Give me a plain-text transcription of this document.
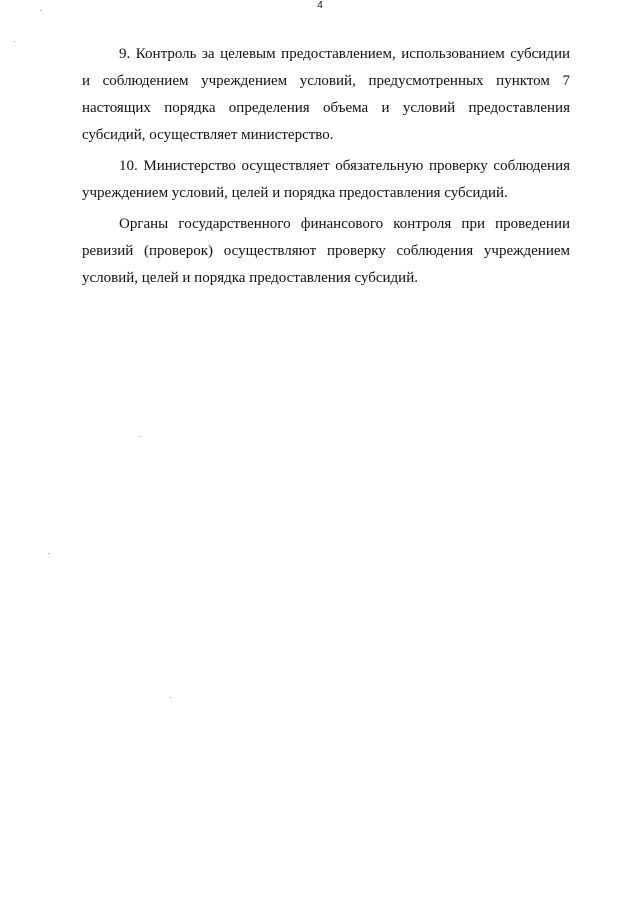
4

9. Контроль за целевым предоставлением, использованием субсидии и соблюдением учреждением условий, предусмотренных пунктом 7 настоящих порядка определения объема и условий предоставления субсидий, осуществляет министерство.

10. Министерство осуществляет обязательную проверку соблюдения учреждением условий, целей и порядка предоставления субсидий.

Органы государственного финансового контроля при проведении ревизий (проверок) осуществляют проверку соблюдения учреждением условий, целей и порядка предоставления субсидий.
